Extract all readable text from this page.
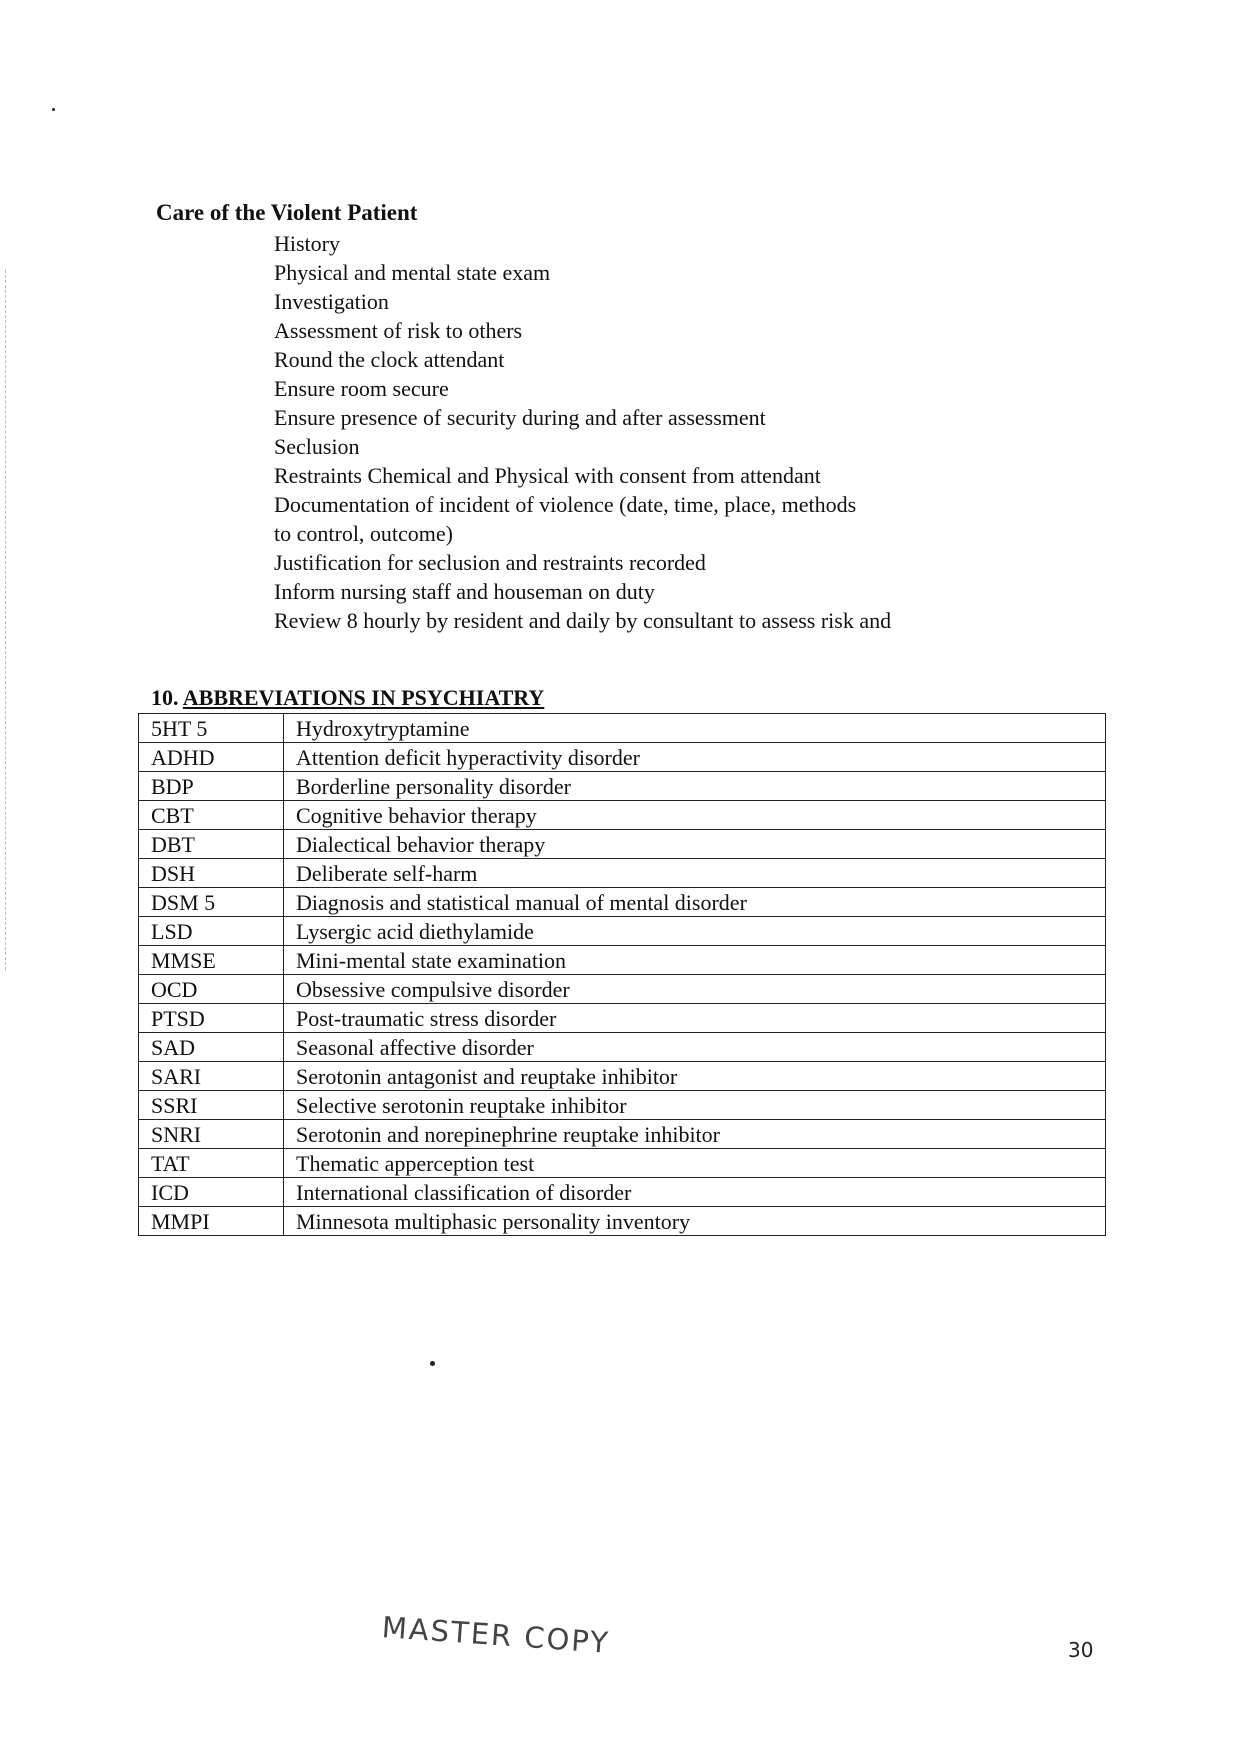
Care of the Violent Patient
History
Physical and mental state exam
Investigation
Assessment of risk to others
Round the clock attendant
Ensure room secure
Ensure presence of security during and after assessment
Seclusion
Restraints Chemical and Physical with consent from attendant
Documentation of incident of violence (date, time, place, methods
to control, outcome)
Justification for seclusion and restraints recorded
Inform nursing staff and houseman on duty
Review 8 hourly by resident and daily by consultant to assess risk and
10. ABBREVIATIONS IN PSYCHIATRY
5HT 5	Hydroxytryptamine
ADHD	Attention deficit hyperactivity disorder
BDP	Borderline personality disorder
CBT	Cognitive behavior therapy
DBT	Dialectical behavior therapy
DSH	Deliberate self-harm
DSM 5	Diagnosis and statistical manual of mental disorder
LSD	Lysergic acid diethylamide
MMSE	Mini-mental state examination
OCD	Obsessive compulsive disorder
PTSD	Post-traumatic stress disorder
SAD	Seasonal affective disorder
SARI	Serotonin antagonist and reuptake inhibitor
SSRI	Selective serotonin reuptake inhibitor
SNRI	Serotonin and norepinephrine reuptake inhibitor
TAT	Thematic apperception test
ICD	International classification of disorder
MMPI	Minnesota multiphasic personality inventory

MASTER COPY	30
